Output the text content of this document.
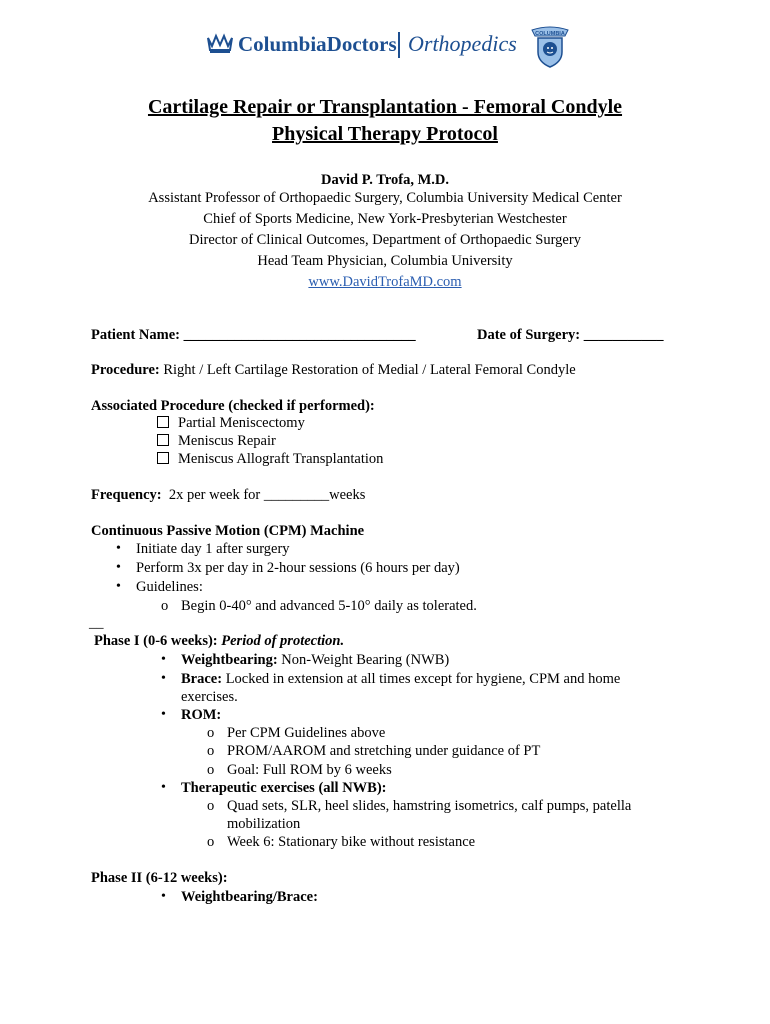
ColumbiaDoctors Orthopedics	COLUMBIA
Cartilage Repair or Transplantation - Femoral Condyle
Physical Therapy Protocol
David P. Trofa, M.D.
Assistant Professor of Orthopaedic Surgery, Columbia University Medical Center
Chief of Sports Medicine, New York-Presbyterian Westchester
Director of Clinical Outcomes, Department of Orthopaedic Surgery
Head Team Physician, Columbia University
www.DavidTrofaMD.com
Patient Name: ________________________________	Date of Surgery: ___________
Procedure: Right / Left Cartilage Restoration of Medial / Lateral Femoral Condyle
Associated Procedure (checked if performed):
Partial Meniscectomy
Meniscus Repair
Meniscus Allograft Transplantation
Frequency:  2x per week for _________weeks
Continuous Passive Motion (CPM) Machine
• Initiate day 1 after surgery
• Perform 3x per day in 2-hour sessions (6 hours per day)
• Guidelines:
o Begin 0-40° and advanced 5-10° daily as tolerated.
__
Phase I (0-6 weeks): Period of protection.
• Weightbearing: Non-Weight Bearing (NWB)
• Brace: Locked in extension at all times except for hygiene, CPM and home
exercises.
• ROM:
o Per CPM Guidelines above
o PROM/AAROM and stretching under guidance of PT
o Goal: Full ROM by 6 weeks
• Therapeutic exercises (all NWB):
o Quad sets, SLR, heel slides, hamstring isometrics, calf pumps, patella
mobilization
o Week 6: Stationary bike without resistance
Phase II (6-12 weeks):
• Weightbearing/Brace:
